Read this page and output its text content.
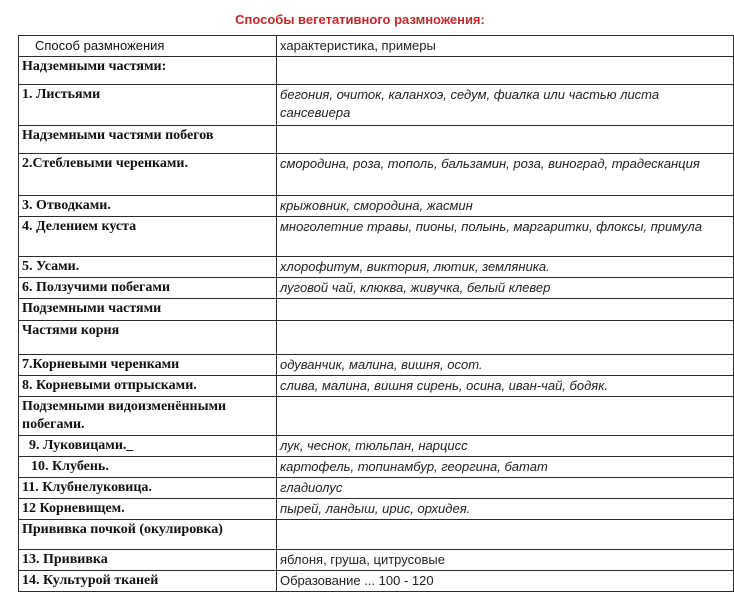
Способы вегетативного размножения:
Способ размножения	характеристика, примеры
Надземными частями:	
1. Листьями	бегония, очиток, каланхоэ, седум, фиалка или частью листа сансевиера
Надземными частями побегов	
2.Стеблевыми черенками.	смородина, роза, тополь, бальзамин, роза, виноград, традесканция
3. Отводками.	крыжовник, смородина, жасмин
4. Делением куста	многолетние травы, пионы, полынь, маргаритки, флоксы, примула
5. Усами.	хлорофитум, виктория, лютик, земляника.
6. Ползучими побегами	луговой чай, клюква, живучка, белый клевер
Подземными частями	
Частями корня	
7.Корневыми черенками	одуванчик, малина, вишня, осот.
8. Корневыми отпрысками.	слива, малина, вишня сирень, осина, иван-чай, бодяк.
Подземными видоизменёнными побегами.	
9. Луковицами._	лук, чеснок, тюльпан, нарцисс
10. Клубень.	картофель, топинамбур, георгина, батат
11. Клубнелуковица.	гладиолус
12 Корневищем.	пырей, ландыш, ирис, орхидея.
Прививка почкой (окулировка)	
13. Прививка	яблоня, груша, цитрусовые
14. Культурой тканей	Образование ... 100 - 120
